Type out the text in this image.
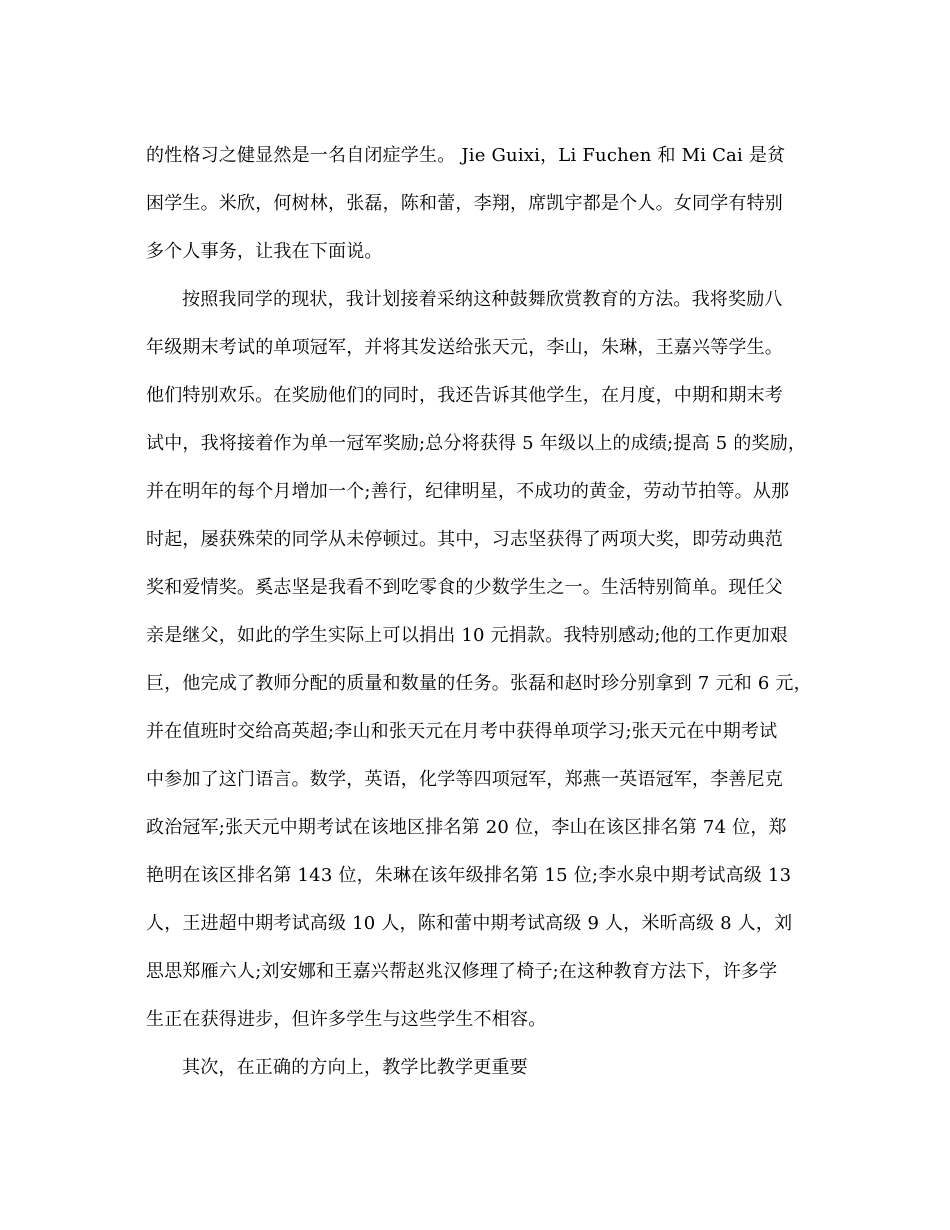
的性格习之健显然是一名自闭症学生。 Jie Guixi，Li Fuchen 和 Mi Cai 是贫
困学生。米欣，何树林，张磊，陈和蕾，李翔，席凯宇都是个人。女同学有特别
多个人事务，让我在下面说。
按照我同学的现状，我计划接着采纳这种鼓舞欣赏教育的方法。我将奖励八
年级期末考试的单项冠军，并将其发送给张天元，李山，朱琳，王嘉兴等学生。
他们特别欢乐。在奖励他们的同时，我还告诉其他学生，在月度，中期和期末考
试中，我将接着作为单一冠军奖励;总分将获得 5 年级以上的成绩;提高 5 的奖励，
并在明年的每个月增加一个;善行，纪律明星，不成功的黄金，劳动节拍等。从那
时起，屡获殊荣的同学从未停顿过。其中，习志坚获得了两项大奖，即劳动典范
奖和爱情奖。奚志坚是我看不到吃零食的少数学生之一。生活特别简单。现任父
亲是继父，如此的学生实际上可以捐出 10 元捐款。我特别感动;他的工作更加艰
巨，他完成了教师分配的质量和数量的任务。张磊和赵时珍分别拿到 7 元和 6 元，
并在值班时交给高英超;李山和张天元在月考中获得单项学习;张天元在中期考试
中参加了这门语言。数学，英语，化学等四项冠军，郑燕一英语冠军，李善尼克
政治冠军;张天元中期考试在该地区排名第 20 位，李山在该区排名第 74 位，郑
艳明在该区排名第 143 位，朱琳在该年级排名第 15 位;李水泉中期考试高级 13
人，王进超中期考试高级 10 人，陈和蕾中期考试高级 9 人，米昕高级 8 人，刘
思思郑雁六人;刘安娜和王嘉兴帮赵兆汉修理了椅子;在这种教育方法下，许多学
生正在获得进步，但许多学生与这些学生不相容。
其次，在正确的方向上，教学比教学更重要
